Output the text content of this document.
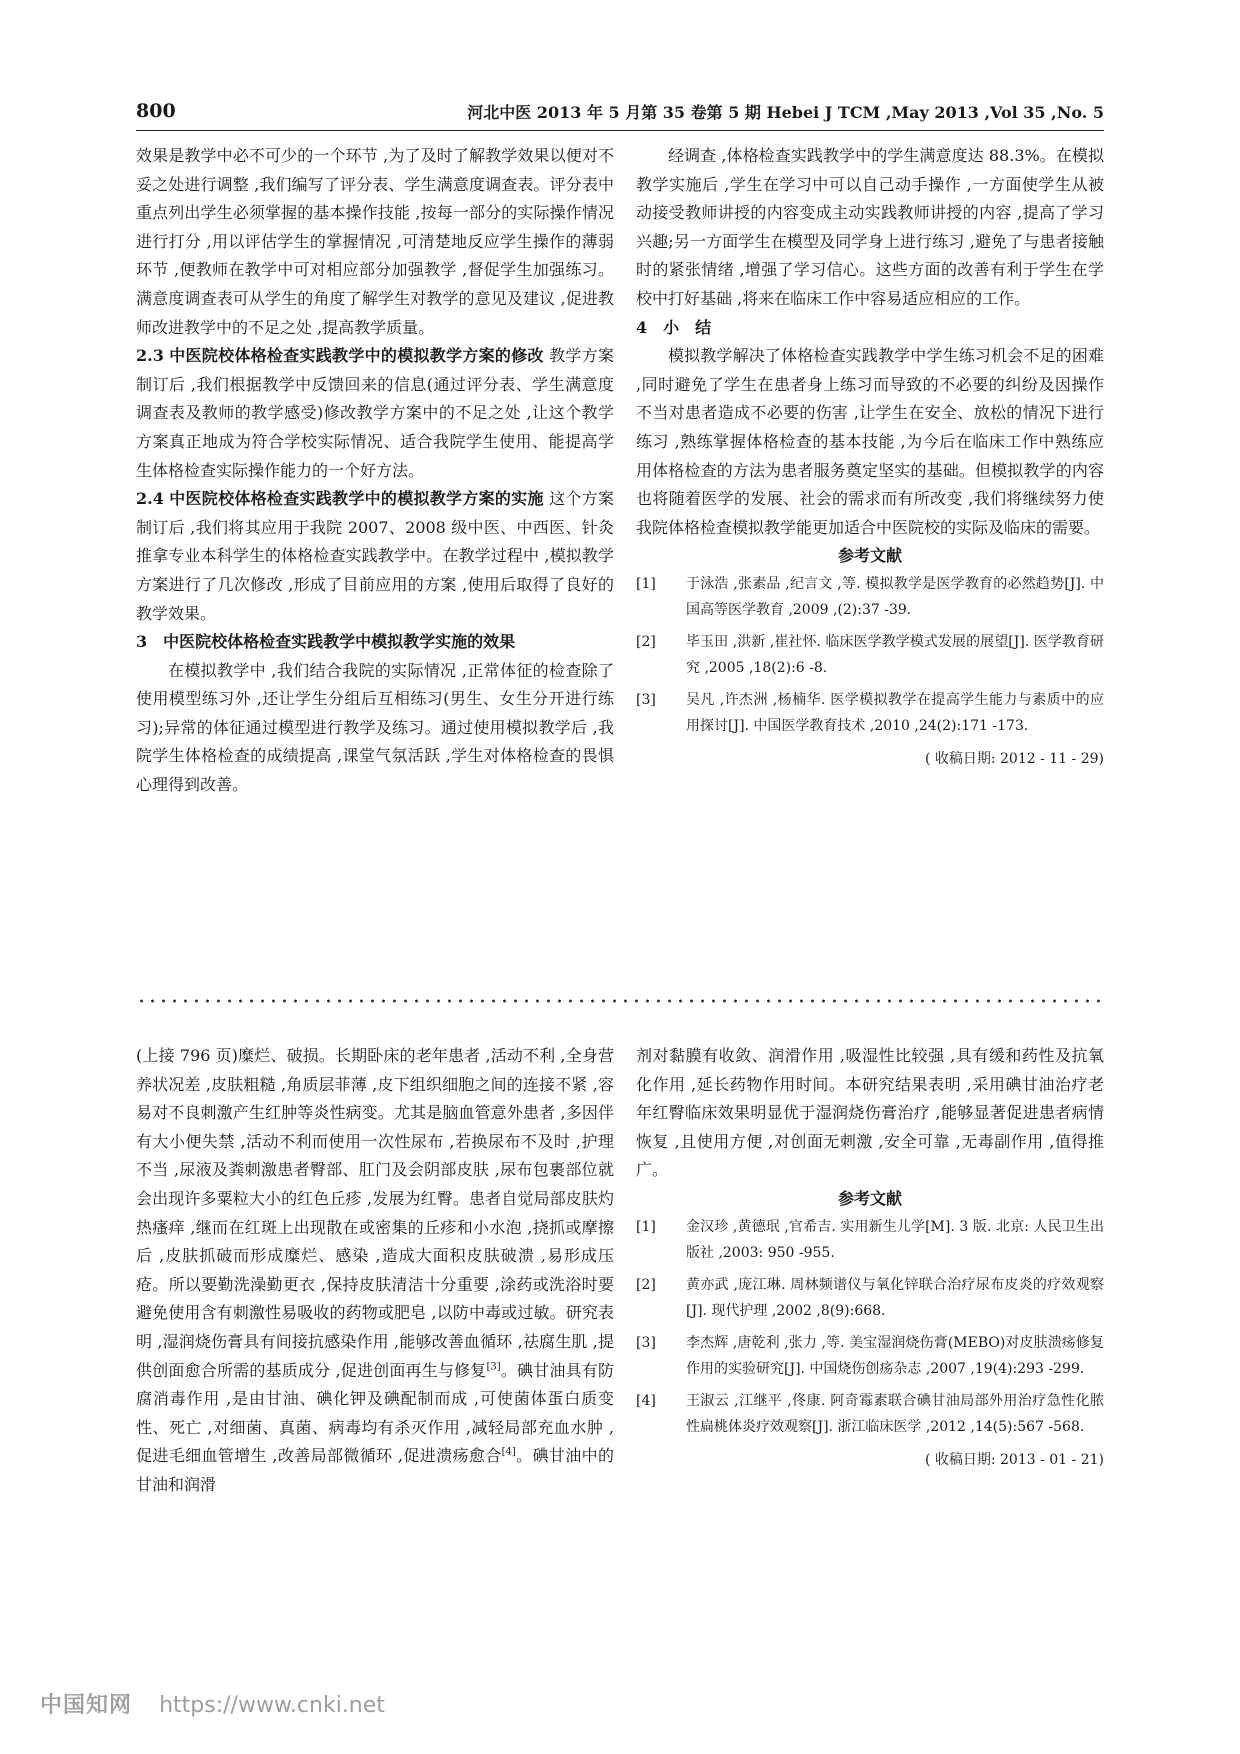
800	河北中医 2013 年 5 月第 35 卷第 5 期 Hebei J TCM ,May 2013 ,Vol 35 ,No. 5

效果是教学中必不可少的一个环节 ,为了及时了解教学效果以便对不妥之处进行调整 ,我们编写了评分表、学生满意度调查表。评分表中重点列出学生必须掌握的基本操作技能 ,按每一部分的实际操作情况进行打分 ,用以评估学生的掌握情况 ,可清楚地反应学生操作的薄弱环节 ,便教师在教学中可对相应部分加强教学 ,督促学生加强练习。满意度调查表可从学生的角度了解学生对教学的意见及建议 ,促进教师改进教学中的不足之处 ,提高教学质量。

2.3 中医院校体格检查实践教学中的模拟教学方案的修改 教学方案制订后 ,我们根据教学中反馈回来的信息(通过评分表、学生满意度调查表及教师的教学感受)修改教学方案中的不足之处 ,让这个教学方案真正地成为符合学校实际情况、适合我院学生使用、能提高学生体格检查实际操作能力的一个好方法。

2.4 中医院校体格检查实践教学中的模拟教学方案的实施 这个方案制订后 ,我们将其应用于我院 2007、2008 级中医、中西医、针灸推拿专业本科学生的体格检查实践教学中。在教学过程中 ,模拟教学方案进行了几次修改 ,形成了目前应用的方案 ,使用后取得了良好的教学效果。

3　中医院校体格检查实践教学中模拟教学实施的效果

在模拟教学中 ,我们结合我院的实际情况 ,正常体征的检查除了使用模型练习外 ,还让学生分组后互相练习(男生、女生分开进行练习);异常的体征通过模型进行教学及练习。通过使用模拟教学后 ,我院学生体格检查的成绩提高 ,课堂气氛活跃 ,学生对体格检查的畏惧心理得到改善。

经调查 ,体格检查实践教学中的学生满意度达 88.3%。在模拟教学实施后 ,学生在学习中可以自己动手操作 ,一方面使学生从被动接受教师讲授的内容变成主动实践教师讲授的内容 ,提高了学习兴趣;另一方面学生在模型及同学身上进行练习 ,避免了与患者接触时的紧张情绪 ,增强了学习信心。这些方面的改善有利于学生在学校中打好基础 ,将来在临床工作中容易适应相应的工作。

4　小　结

模拟教学解决了体格检查实践教学中学生练习机会不足的困难 ,同时避免了学生在患者身上练习而导致的不必要的纠纷及因操作不当对患者造成不必要的伤害 ,让学生在安全、放松的情况下进行练习 ,熟练掌握体格检查的基本技能 ,为今后在临床工作中熟练应用体格检查的方法为患者服务奠定坚实的基础。但模拟教学的内容也将随着医学的发展、社会的需求而有所改变 ,我们将继续努力使我院体格检查模拟教学能更加适合中医院校的实际及临床的需要。

参考文献

[1] 于泳浩 ,张素品 ,纪言文 ,等. 模拟教学是医学教育的必然趋势[J]. 中国高等医学教育 ,2009 ,(2):37 -39.
[2] 毕玉田 ,洪新 ,崔社怀. 临床医学教学模式发展的展望[J]. 医学教育研究 ,2005 ,18(2):6 -8.
[3] 吴凡 ,许杰洲 ,杨楠华. 医学模拟教学在提高学生能力与素质中的应用探讨[J]. 中国医学教育技术 ,2010 ,24(2):171 -173.

( 收稿日期: 2012 - 11 - 29)

(上接 796 页)糜烂、破损。长期卧床的老年患者 ,活动不利 ,全身营养状况差 ,皮肤粗糙 ,角质层菲薄 ,皮下组织细胞之间的连接不紧 ,容易对不良刺激产生红肿等炎性病变。尤其是脑血管意外患者 ,多因伴有大小便失禁 ,活动不利而使用一次性尿布 ,若换尿布不及时 ,护理不当 ,尿液及粪刺激患者臀部、肛门及会阴部皮肤 ,尿布包裹部位就会出现许多粟粒大小的红色丘疹 ,发展为红臀。患者自觉局部皮肤灼热瘙痒 ,继而在红斑上出现散在或密集的丘疹和小水泡 ,挠抓或摩擦后 ,皮肤抓破而形成糜烂、感染 ,造成大面积皮肤破溃 ,易形成压疮。所以要勤洗澡勤更衣 ,保持皮肤清洁十分重要 ,涂药或洗浴时要避免使用含有刺激性易吸收的药物或肥皂 ,以防中毒或过敏。研究表明 ,湿润烧伤膏具有间接抗感染作用 ,能够改善血循环 ,祛腐生肌 ,提供创面愈合所需的基质成分 ,促进创面再生与修复[3]。碘甘油具有防腐消毒作用 ,是由甘油、碘化钾及碘配制而成 ,可使菌体蛋白质变性、死亡 ,对细菌、真菌、病毒均有杀灭作用 ,减轻局部充血水肿 ,促进毛细血管增生 ,改善局部微循环 ,促进溃疡愈合[4]。碘甘油中的甘油和润滑

剂对黏膜有收敛、润滑作用 ,吸湿性比较强 ,具有缓和药性及抗氧化作用 ,延长药物作用时间。本研究结果表明 ,采用碘甘油治疗老年红臀临床效果明显优于湿润烧伤膏治疗 ,能够显著促进患者病情恢复 ,且使用方便 ,对创面无刺激 ,安全可靠 ,无毒副作用 ,值得推广。

参考文献

[1] 金汉珍 ,黄德珉 ,官希吉. 实用新生儿学[M]. 3 版. 北京: 人民卫生出版社 ,2003: 950 -955.
[2] 黄亦武 ,庞江琳. 周林频谱仪与氧化锌联合治疗尿布皮炎的疗效观察[J]. 现代护理 ,2002 ,8(9):668.
[3] 李杰辉 ,唐乾利 ,张力 ,等. 美宝湿润烧伤膏(MEBO)对皮肤溃疡修复作用的实验研究[J]. 中国烧伤创疡杂志 ,2007 ,19(4):293 -299.
[4] 王淑云 ,江继平 ,佟康. 阿奇霉素联合碘甘油局部外用治疗急性化脓性扁桃体炎疗效观察[J]. 浙江临床医学 ,2012 ,14(5):567 -568.

( 收稿日期: 2013 - 01 - 21)

中国知网 https://www.cnki.net
